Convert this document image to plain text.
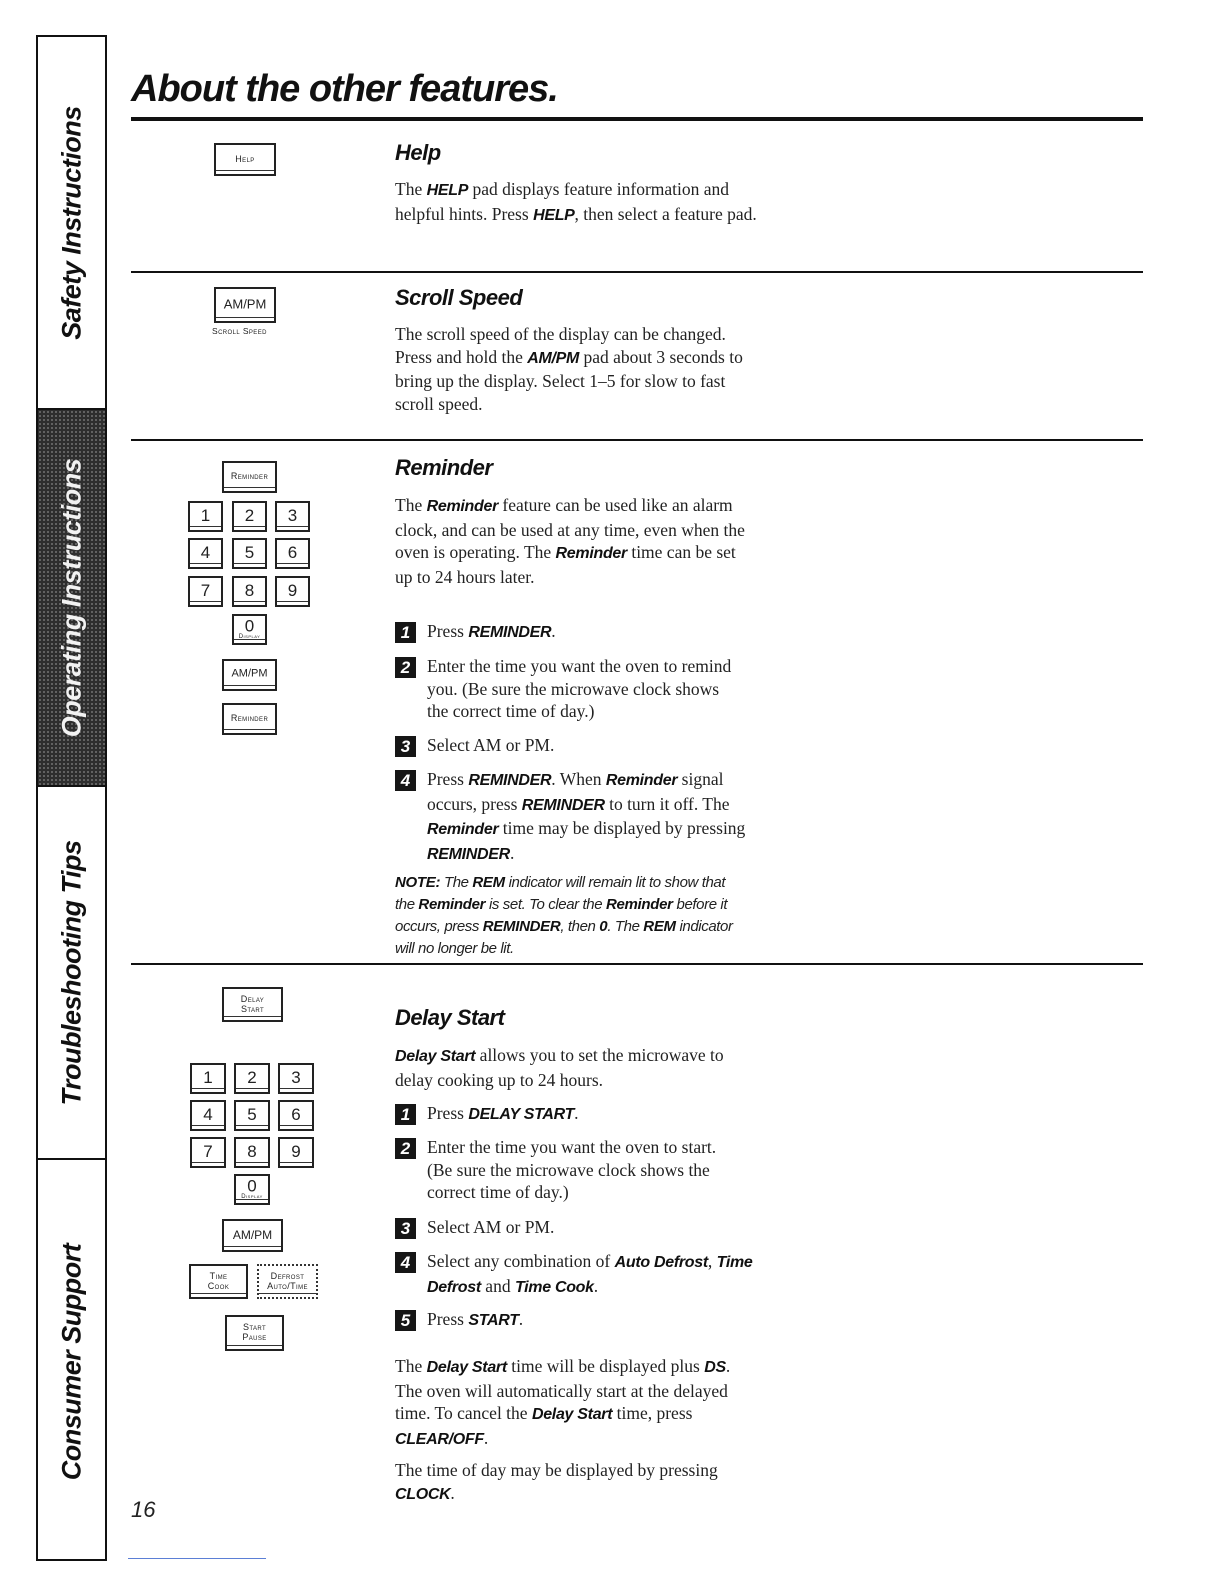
Safety Instructions
Operating Instructions
Troubleshooting Tips
Consumer Support
About the other features.
Help	Help

The HELP pad displays feature information and helpful hints. Press HELP, then select a feature pad.

AM/PM
Scroll Speed
Scroll Speed

The scroll speed of the display can be changed. Press and hold the AM/PM pad about 3 seconds to bring up the display. Select 1–5 for slow to fast scroll speed.

Reminder
1	2	3
4	5	6
7	8	9
0
Display
AM/PM
Reminder
Reminder

The Reminder feature can be used like an alarm clock, and can be used at any time, even when the oven is operating. The Reminder time can be set up to 24 hours later.

1 Press REMINDER.

2 Enter the time you want the oven to remind you. (Be sure the microwave clock shows the correct time of day.)

3 Select AM or PM.

4 Press REMINDER. When Reminder signal occurs, press REMINDER to turn it off. The Reminder time may be displayed by pressing REMINDER.

NOTE: The REM indicator will remain lit to show that the Reminder is set. To clear the Reminder before it occurs, press REMINDER, then 0. The REM indicator will no longer be lit.

Delay
Start
1	2	3
4	5	6
7	8	9
0
Display
AM/PM
Time
Cook
Defrost
Auto/Time
Start
Pause
Delay Start

Delay Start allows you to set the microwave to delay cooking up to 24 hours.

1 Press DELAY START.

2 Enter the time you want the oven to start. (Be sure the microwave clock shows the correct time of day.)

3 Select AM or PM.

4 Select any combination of Auto Defrost, Time Defrost and Time Cook.

5 Press START.

The Delay Start time will be displayed plus DS. The oven will automatically start at the delayed time. To cancel the Delay Start time, press CLEAR/OFF.

The time of day may be displayed by pressing CLOCK.

16
